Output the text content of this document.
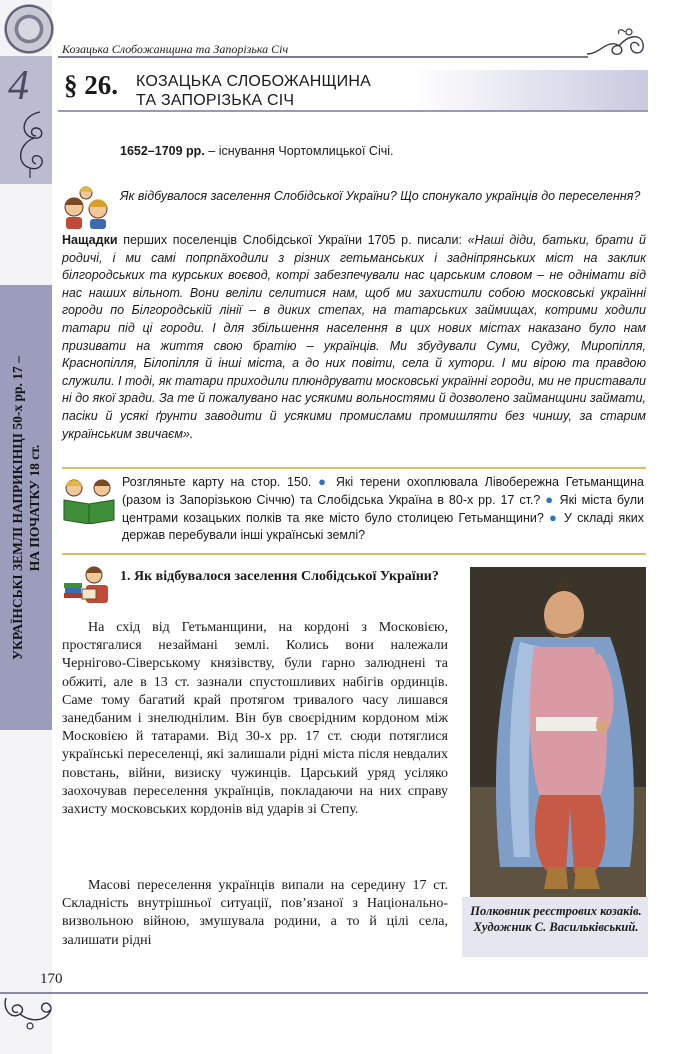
УКРАЇНСЬКІ ЗЕМЛІ НАПРИКІНЦІ 50-х рр. 17 – НА ПОЧАТКУ 18 ст.
Козацька Слобожанщина та Запорізька Січ
4 § 26. КОЗАЦЬКА СЛОБОЖАНЩИНА
ТА ЗАПОРІЗЬКА СІЧ
1652–1709 рр. – існування Чортомлицької Січі.
Як відбувалося заселення Слобідської України? Що спонукало українців до переселення?
Нащадки перших поселенців Слобідської України 1705 р. писали: «Наші діди, батьки, брати й родичі, і ми самі попрnäходили з різних гетьманських і задніпрянських міст на заклик білгородських та курських воєвод, котрі забезпечували нас царським словом – не однімати від нас наших вільнот. Вони веліли селитися нам, щоб ми захистили собою московські українні городи по Білгородській лінії – в диких степах, на татарських займищах, котрими ходили татари під ці городи. І для збільшення населення в цих нових містах наказано було нам призивати на життя свою братію – українців. Ми збудували Суми, Суджу, Миропілля, Краснопілля, Білопілля й інші міста, а до них повіти, села й хутори. І ми вірою та правдою служили. І тоді, як татари приходили плюндрувати московські українні городи, ми не приставали ні до якої зради. За те й пожалувано нас усякими вольностями й дозволено займанщини займати, пасіки й усякі ґрунти заводити й усякими промислами промишляти без чиншу, за старим українським звичаєм».
Розгляньте карту на стор. 150. ● Які терени охоплювала Лівобережна Гетьманщина (разом із Запорізькою Січчю) та Слобідська Україна в 80-х рр. 17 ст.? ● Які міста були центрами козацьких полків та яке місто було столицею Гетьманщини? ● У складі яких держав перебували інші українські землі?
1. Як відбувалося заселення Слобідської України?
На схід від Гетьманщини, на кордоні з Московією, простягалися незаймані землі. Колись вони належали Чернігово-Сіверському князівству, були гарно залюднені та обжиті, але в 13 ст. зазнали спустошливих набігів ординців. Саме тому багатий край протягом тривалого часу лишався занедбаним і знелюднілим. Він був своєрідним кордоном між Московією й татарами. Від 30-х рр. 17 ст. сюди потяглися українські переселенці, які залишали рідні міста після невдалих повстань, війни, визиску чужинців. Царський уряд усіляко заохочував переселення українців, покладаючи на них справу захисту московських кордонів від ударів зі Степу.
Масові переселення українців випали на середину 17 ст. Складність внутрішньої ситуації, пов’язаної з Національно-визвольною війною, змушувала родини, а то й цілі села, залишати рідні
Полковник реєстрових козаків. Художник С. Васильківський.
170
